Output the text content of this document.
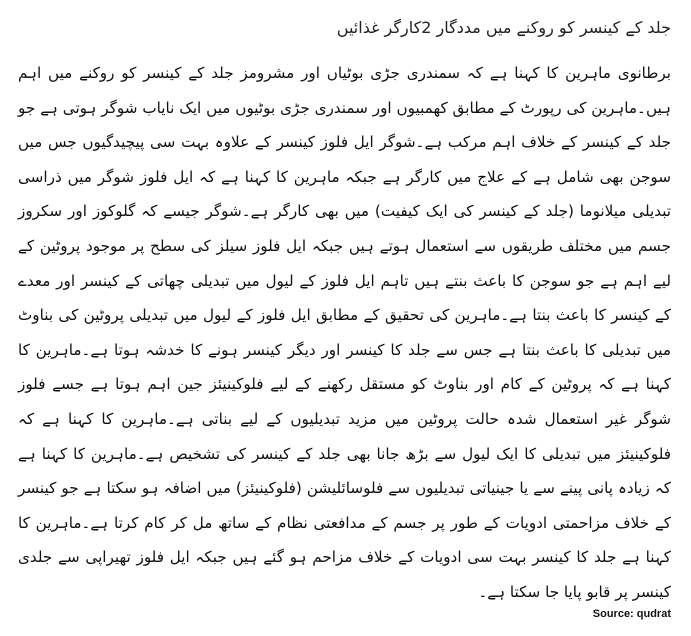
جلد کے کینسر کو روکنے میں مددگار 2کارگر غذائیں

برطانوی ماہرین کا کہنا ہے کہ سمندری جڑی بوٹیاں اور مشرومز جلد کے کینسر کو روکنے میں اہم ہیں۔ماہرین کی رپورٹ کے مطابق کھمبیوں اور سمندری جڑی بوٹیوں میں ایک نایاب شوگر ہوتی ہے جو جلد کے کینسر کے خلاف اہم مرکب ہے۔شوگر ایل فلوز کینسر کے علاوہ بہت سی پیچیدگیوں جس میں سوجن بھی شامل ہے کے علاج میں کارگر ہے جبکہ ماہرین کا کہنا ہے کہ ایل فلوز شوگر میں ذراسی تبدیلی میلانوما (جلد کے کینسر کی ایک کیفیت) میں بھی کارگر ہے۔شوگر جیسے کہ گلوکوز اور سکروز جسم میں مختلف طریقوں سے استعمال ہوتے ہیں جبکہ ایل فلوز سیلز کی سطح پر موجود پروٹین کے لیے اہم ہے جو سوجن کا باعث بنتے ہیں تاہم ایل فلوز کے لیول میں تبدیلی چھاتی کے کینسر اور معدے کے کینسر کا باعث بنتا ہے۔ماہرین کی تحقیق کے مطابق ایل فلوز کے لیول میں تبدیلی پروٹین کی بناوٹ میں تبدیلی کا باعث بنتا ہے جس سے جلد کا کینسر اور دیگر کینسر ہونے کا خدشہ ہوتا ہے۔ماہرین کا کہنا ہے کہ پروٹین کے کام اور بناوٹ کو مستقل رکھنے کے لیے فلوکینیئز جین اہم ہوتا ہے جسے فلوز شوگر غیر استعمال شدہ حالت پروٹین میں مزید تبدیلیوں کے لیے بناتی ہے۔ماہرین کا کہنا ہے کہ فلوکینیئز میں تبدیلی کا ایک لیول سے بڑھ جانا بھی جلد کے کینسر کی تشخیص ہے۔ماہرین کا کہنا ہے کہ زیادہ پانی پینے سے یا جینیاتی تبدیلیوں سے فلوسائلیشن (فلوکینیئز) میں اضافہ ہو سکتا ہے جو کینسر کے خلاف مزاحمتی ادویات کے طور پر جسم کے مدافعتی نظام کے ساتھ مل کر کام کرتا ہے۔ماہرین کا کہنا ہے جلد کا کینسر بہت سی ادویات کے خلاف مزاحم ہو گئے ہیں جبکہ ایل فلوز تھیراپی سے جلدی کینسر پر قابو پایا جا سکتا ہے۔

Source: qudrat
